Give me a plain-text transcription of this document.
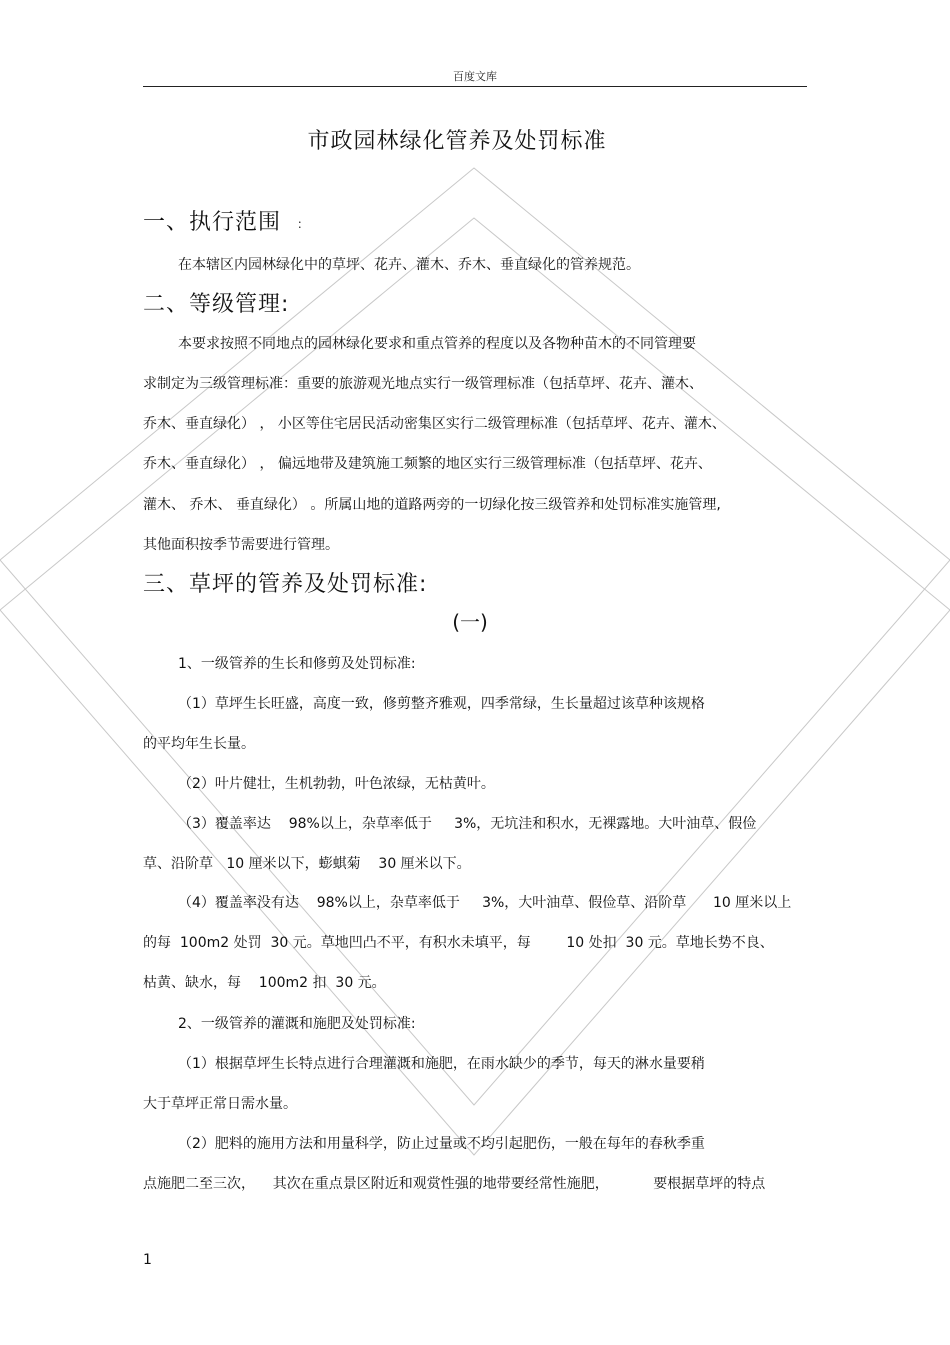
百度文库
市政园林绿化管养及处罚标准
一、执行范围 ：
在本辖区内园林绿化中的草坪、花卉、灌木、乔木、垂直绿化的管养规范。
二、等级管理:
本要求按照不同地点的园林绿化要求和重点管养的程度以及各物种苗木的不同管理要
求制定为三级管理标准：重要的旅游观光地点实行一级管理标准（包括草坪、花卉、灌木、
乔木、垂直绿化） ， 小区等住宅居民活动密集区实行二级管理标准（包括草坪、花卉、灌木、
乔木、垂直绿化） ， 偏远地带及建筑施工频繁的地区实行三级管理标准（包括草坪、花卉、
灌木、 乔木、 垂直绿化） 。所属山地的道路两旁的一切绿化按三级管养和处罚标准实施管理,
其他面积按季节需要进行管理。
三、草坪的管养及处罚标准:
(一)
1、一级管养的生长和修剪及处罚标准:
（1）草坪生长旺盛，高度一致，修剪整齐雅观，四季常绿，生长量超过该草种该规格
的平均年生长量。
（2）叶片健壮，生机勃勃，叶色浓绿，无枯黄叶。
（3）覆盖率达    98%以上，杂草率低于     3%，无坑洼和积水，无裸露地。大叶油草、假俭
草、沿阶草   10 厘米以下，蟛蜞菊    30 厘米以下。
（4）覆盖率没有达    98%以上，杂草率低于     3%，大叶油草、假俭草、沿阶草      10 厘米以上
的每  100m2 处罚  30 元。草地凹凸不平，有积水未填平，每        10 处扣  30 元。草地长势不良、
枯黄、缺水，每    100m2 扣  30 元。
2、一级管养的灌溉和施肥及处罚标准:
（1）根据草坪生长特点进行合理灌溉和施肥，在雨水缺少的季节，每天的淋水量要稍
大于草坪正常日需水量。
（2）肥料的施用方法和用量科学，防止过量或不均引起肥伤，一般在每年的春秋季重
点施肥二至三次，    其次在重点景区附近和观赏性强的地带要经常性施肥，          要根据草坪的特点
1
